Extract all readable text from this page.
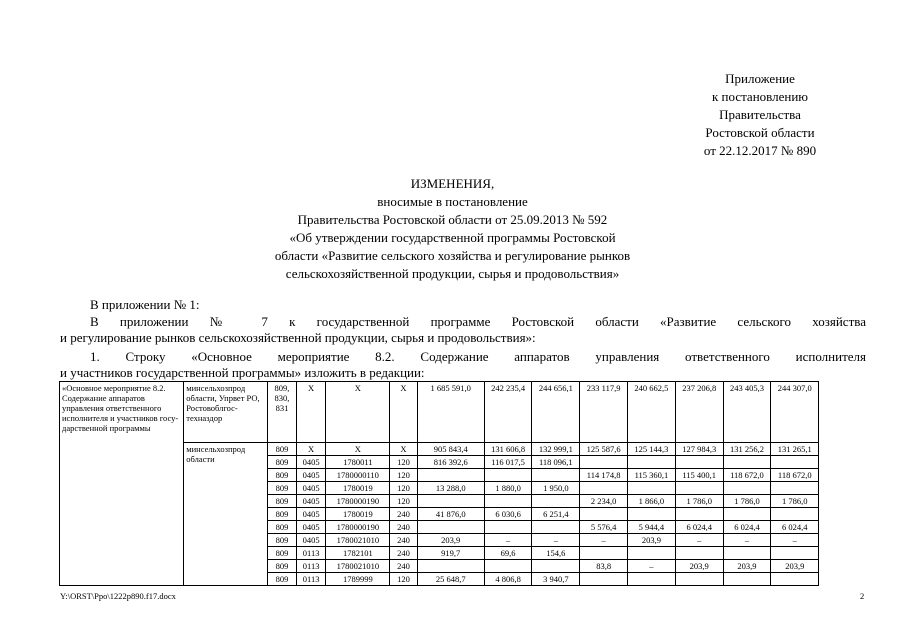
Приложение
к постановлению
Правительства
Ростовской области
от 22.12.2017 № 890
ИЗМЕНЕНИЯ,
вносимые в постановление
Правительства Ростовской области от 25.09.2013 № 592
«Об утверждении государственной программы Ростовской
области «Развитие сельского хозяйства и регулирование рынков
сельскохозяйственной продукции, сырья и продовольствия»
В приложении № 1:
В приложении № 7 к государственной программе Ростовской области «Развитие сельского хозяйства
и регулирование рынков сельскохозяйственной продукции, сырья и продовольствия»:
1. Строку «Основное мероприятие 8.2. Содержание аппаратов управления ответственного исполнителя
и участников государственной программы» изложить в редакции:
«Основное мероприятие 8.2. Содержание аппаратов управления ответственного исполнителя и участников госу-дарственной программы	минсельхозпрод области, Упрвет РО, Ростовоблгос-техназдор	809, 830, 831	Х	Х	Х	1 685 591,0	242 235,4	244 656,1	233 117,9	240 662,5	237 206,8	243 405,3	244 307,0
	минсельхозпрод области	809	Х	Х	Х	905 843,4	131 606,8	132 999,1	125 587,6	125 144,3	127 984,3	131 256,2	131 265,1
		809	0405	1780011	120	816 392,6	116 017,5	118 096,1					
		809	0405	1780000110	120				114 174,8	115 360,1	115 400,1	118 672,0	118 672,0
		809	0405	1780019	120	13 288,0	1 880,0	1 950,0					
		809	0405	1780000190	120				2 234,0	1 866,0	1 786,0	1 786,0	1 786,0
		809	0405	1780019	240	41 876,0	6 030,6	6 251,4					
		809	0405	1780000190	240				5 576,4	5 944,4	6 024,4	6 024,4	6 024,4
		809	0405	1780021010	240	203,9	–	–	–	203,9	–	–	–
		809	0113	1782101	240	919,7	69,6	154,6					
		809	0113	1780021010	240				83,8	–	203,9	203,9	203,9
		809	0113	1789999	120	25 648,7	4 806,8	3 940,7					
Y:\ORST\Ppo\1222p890.f17.docx	2
